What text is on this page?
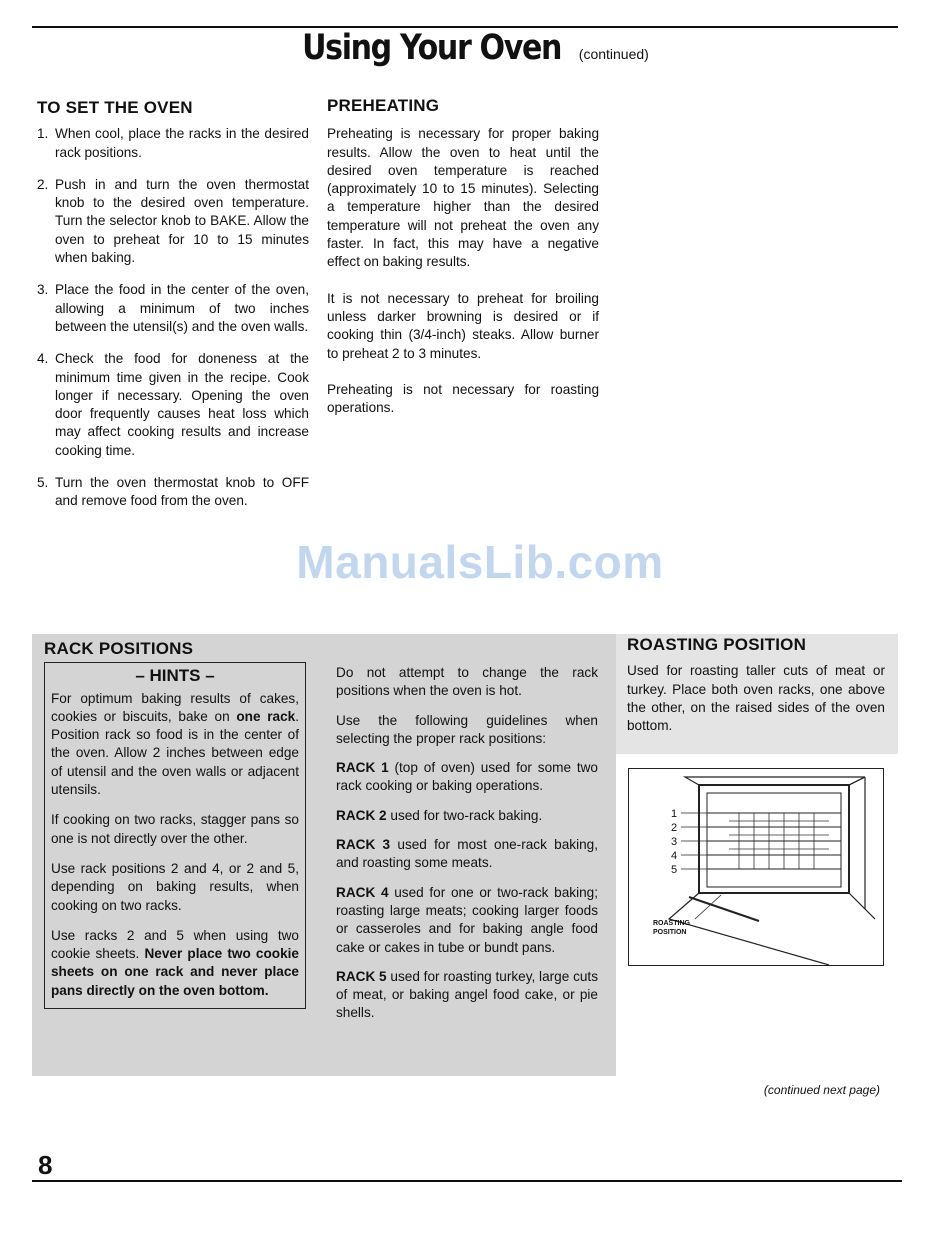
Using Your Oven (continued)
TO SET THE OVEN
1. When cool, place the racks in the desired rack positions.
2. Push in and turn the oven thermostat knob to the desired oven temperature. Turn the selector knob to BAKE. Allow the oven to preheat for 10 to 15 minutes when baking.
3. Place the food in the center of the oven, allowing a minimum of two inches between the utensil(s) and the oven walls.
4. Check the food for doneness at the minimum time given in the recipe. Cook longer if necessary. Opening the oven door frequently causes heat loss which may affect cooking results and increase cooking time.
5. Turn the oven thermostat knob to OFF and remove food from the oven.
PREHEATING

Preheating is necessary for proper baking results. Allow the oven to heat until the desired oven temperature is reached (approximately 10 to 15 minutes). Selecting a temperature higher than the desired temperature will not preheat the oven any faster. In fact, this may have a negative effect on baking results.

It is not necessary to preheat for broiling unless darker browning is desired or if cooking thin (3/4-inch) steaks. Allow burner to preheat 2 to 3 minutes.

Preheating is not necessary for roasting operations.

ManualsLib.com
RACK POSITIONS
– HINTS –

For optimum baking results of cakes, cookies or biscuits, bake on one rack. Position rack so food is in the center of the oven. Allow 2 inches between edge of utensil and the oven walls or adjacent utensils.

If cooking on two racks, stagger pans so one is not directly over the other.

Use rack positions 2 and 4, or 2 and 5, depending on baking results, when cooking on two racks.

Use racks 2 and 5 when using two cookie sheets. Never place two cookie sheets on one rack and never place pans directly on the oven bottom.

Do not attempt to change the rack positions when the oven is hot.

Use the following guidelines when selecting the proper rack positions:

RACK 1 (top of oven) used for some two rack cooking or baking operations.

RACK 2 used for two-rack baking.

RACK 3 used for most one-rack baking, and roasting some meats.

RACK 4 used for one or two-rack baking; roasting large meats; cooking larger foods or casseroles and for baking angle food cake or cakes in tube or bundt pans.

RACK 5 used for roasting turkey, large cuts of meat, or baking angel food cake, or pie shells.

ROASTING POSITION

Used for roasting taller cuts of meat or turkey. Place both oven racks, one above the other, on the raised sides of the oven bottom.

1
2
3
4
5
ROASTING
POSITION
(continued next page)
8
